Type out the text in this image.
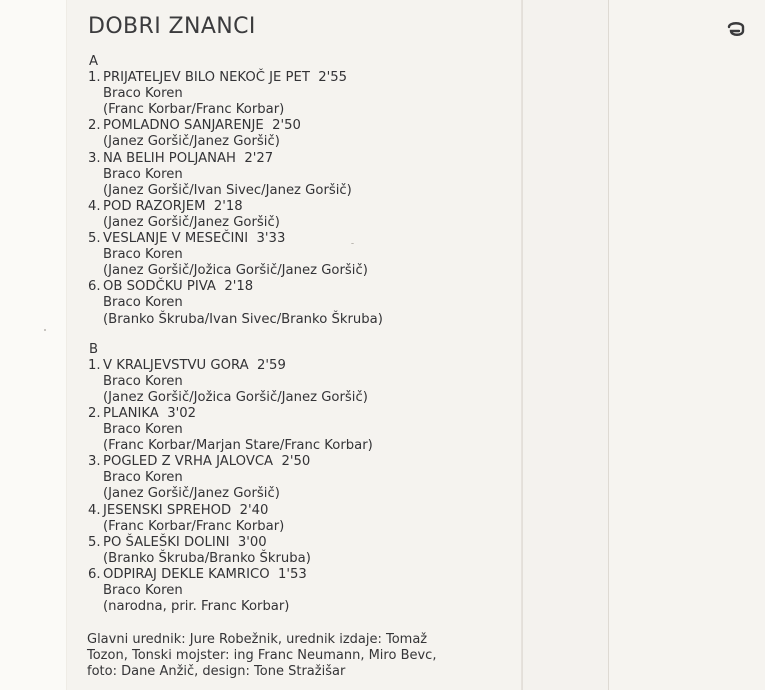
DOBRI ZNANCI
A
1. PRIJATELJEV BILO NEKOČ JE PET
2'55
Braco Koren
(Franc Korbar/Franc Korbar)
2. POMLADNO SANJARENJE
2'50
(Janez Goršič/Janez Goršič)
3. NA BELIH POLJANAH
2'27
Braco Koren
(Janez Goršič/Ivan Sivec/Janez Goršič)
4. POD RAZORJEM
2'18
(Janez Goršič/Janez Goršič)
5. VESLANJE V MESEČINI
3'33
Braco Koren
(Janez Goršič/Jožica Goršič/Janez Goršič)
6. OB SODČKU PIVA
2'18
Braco Koren
(Branko Škruba/Ivan Sivec/Branko Škruba)
B
1. V KRALJEVSTVU GORA
2'59
Braco Koren
(Janez Goršič/Jožica Goršič/Janez Goršič)
2. PLANIKA
3'02
Braco Koren
(Franc Korbar/Marjan Stare/Franc Korbar)
3. POGLED Z VRHA JALOVCA
2'50
Braco Koren
(Janez Goršič/Janez Goršič)
4. JESENSKI SPREHOD
2'40
(Franc Korbar/Franc Korbar)
5. PO ŠALEŠKI DOLINI
3'00
(Branko Škruba/Branko Škruba)
6. ODPIRAJ DEKLE KAMRICO
1'53
Braco Koren
(narodna, prir. Franc Korbar)
Glavni urednik: Jure Robežnik, urednik izdaje: Tomaž
Tozon, Tonski mojster: ing Franc Neumann, Miro Bevc,
foto: Dane Anžič, design: Tone Stražišar
